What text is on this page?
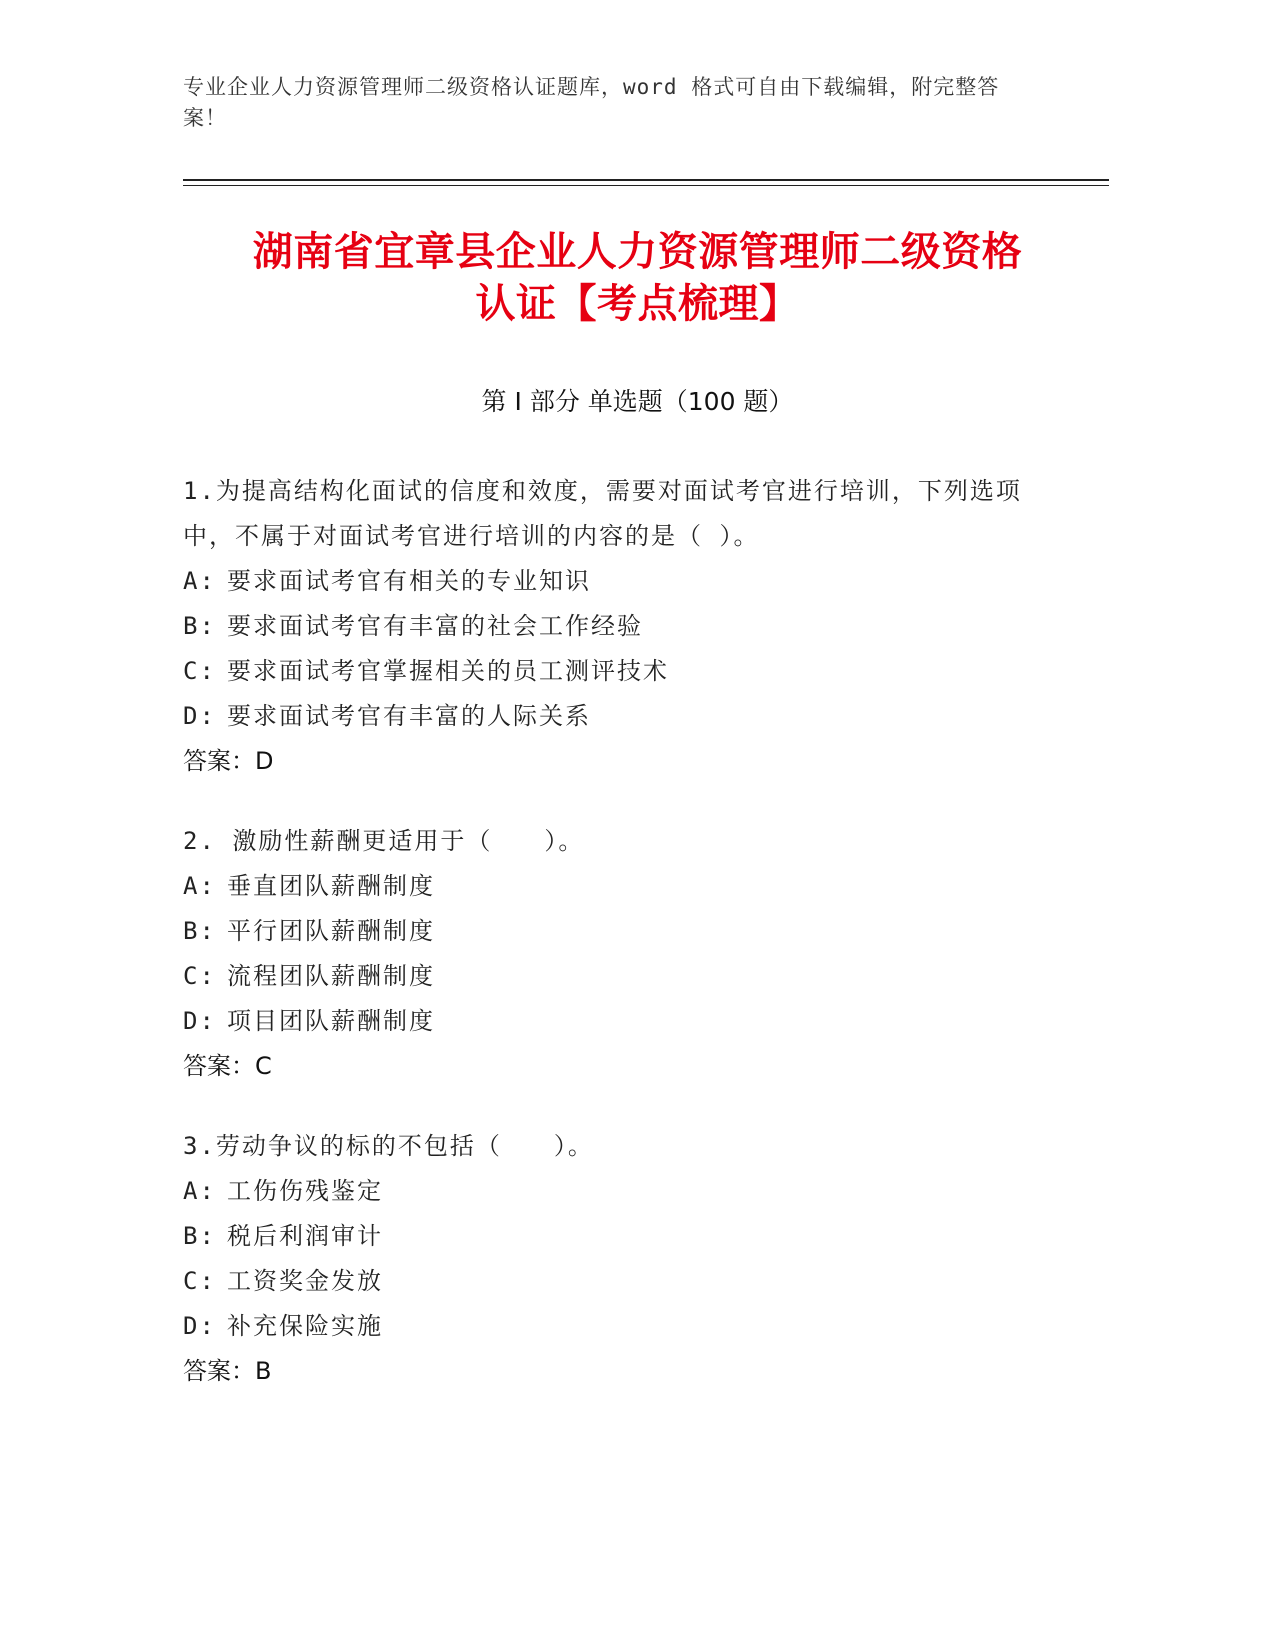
专业企业人力资源管理师二级资格认证题库，word 格式可自由下载编辑，附完整答案！
湖南省宜章县企业人力资源管理师二级资格
认证【考点梳理】
第 I 部分 单选题（100 题）

1.为提高结构化面试的信度和效度，需要对面试考官进行培训，下列选项中，不属于对面试考官进行培训的内容的是（ ）。

A: 要求面试考官有相关的专业知识

B: 要求面试考官有丰富的社会工作经验

C: 要求面试考官掌握相关的员工测评技术

D: 要求面试考官有丰富的人际关系

答案：D

2. 激励性薪酬更适用于（　　）。

A: 垂直团队薪酬制度

B: 平行团队薪酬制度

C: 流程团队薪酬制度

D: 项目团队薪酬制度

答案：C

3.劳动争议的标的不包括（　　）。

A: 工伤伤残鉴定

B: 税后利润审计

C: 工资奖金发放

D: 补充保险实施

答案：B
